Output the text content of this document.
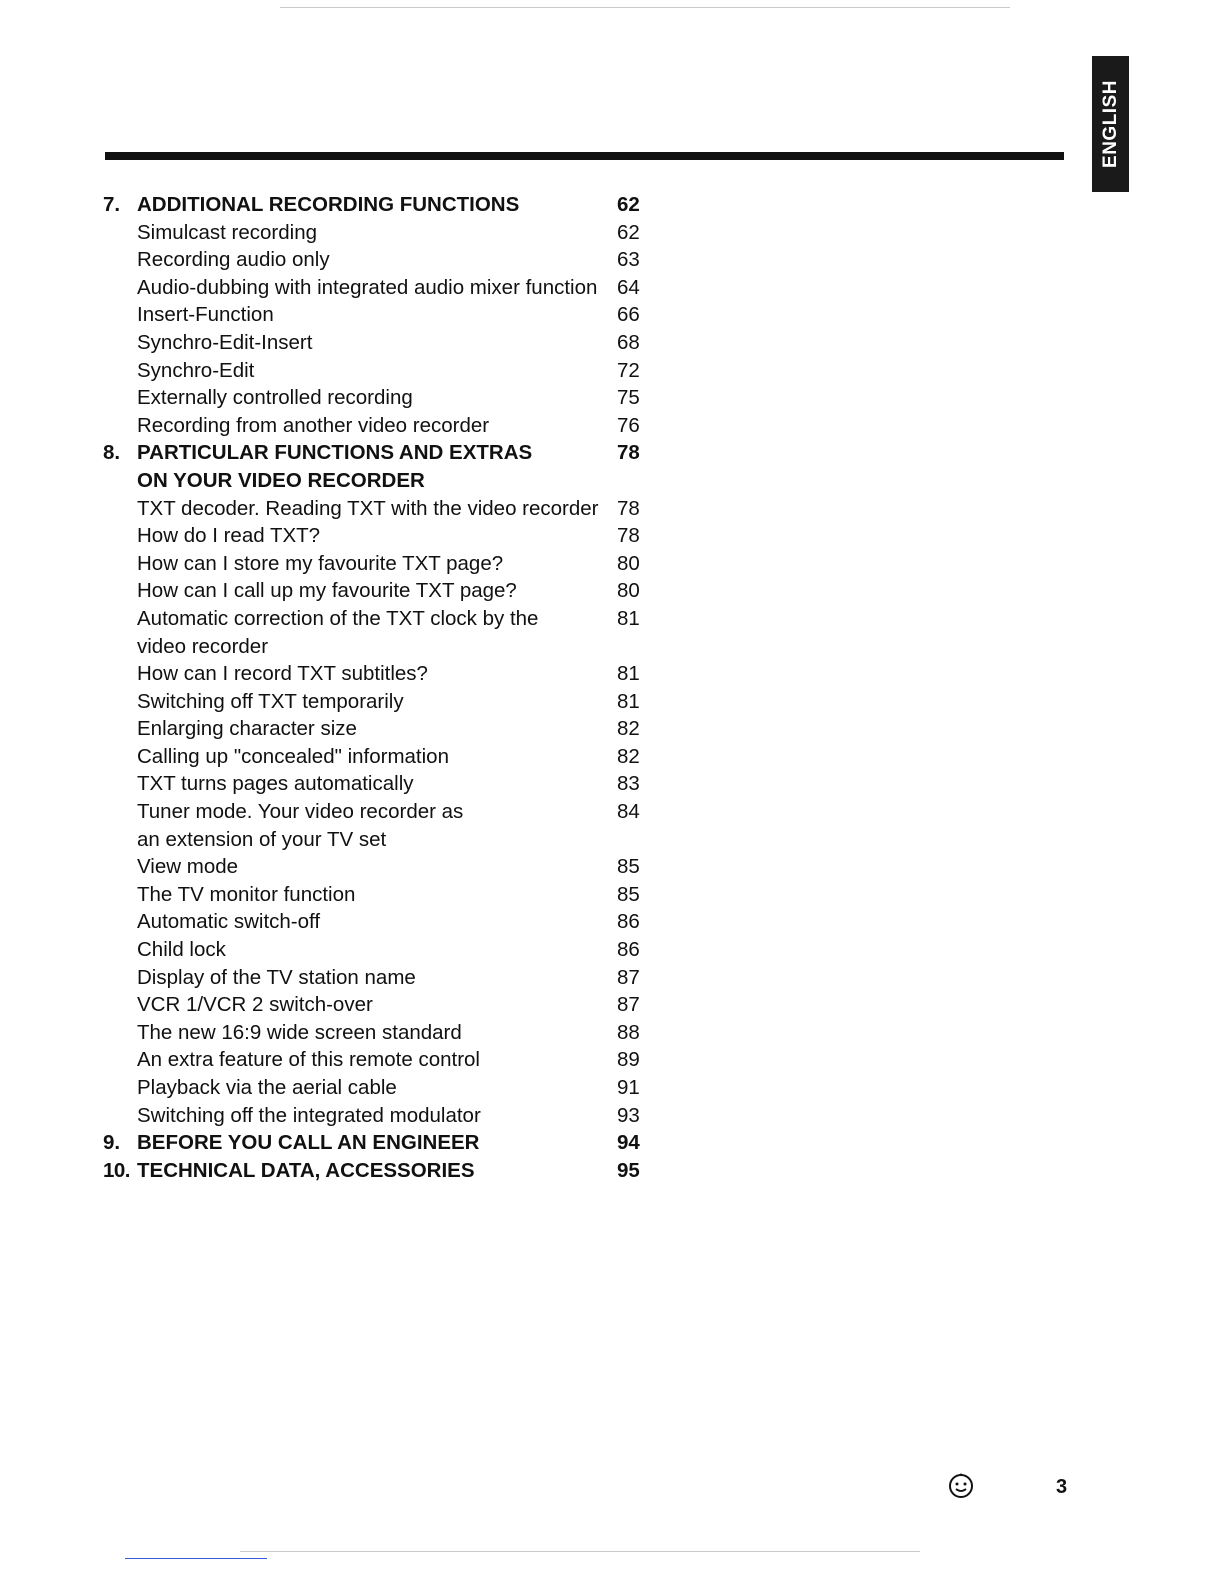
ENGLISH
7. ADDITIONAL RECORDING FUNCTIONS	62
Simulcast recording	62
Recording audio only	63
Audio-dubbing with integrated audio mixer function 64
Insert-Function	66
Synchro-Edit-Insert	68
Synchro-Edit	72
Externally controlled recording	75
Recording from another video recorder	76
8. PARTICULAR FUNCTIONS AND EXTRAS	78
ON YOUR VIDEO RECORDER
TXT decoder. Reading TXT with the video recorder 78
How do I read TXT?	78
How can I store my favourite TXT page?	80
How can I call up my favourite TXT page?	80
Automatic correction of the TXT clock by the	81
video recorder
How can I record TXT subtitles?	81
Switching off TXT temporarily	81
Enlarging character size	82
Calling up "concealed" information	82
TXT turns pages automatically	83
Tuner mode. Your video recorder as	84
an extension of your TV set
View mode	85
The TV monitor function	85
Automatic switch-off	86
Child lock	86
Display of the TV station name	87
VCR 1/VCR 2 switch-over	87
The new 16:9 wide screen standard	88
An extra feature of this remote control	89
Playback via the aerial cable	91
Switching off the integrated modulator	93
9. BEFORE YOU CALL AN ENGINEER	94
10. TECHNICAL DATA, ACCESSORIES	95
3
